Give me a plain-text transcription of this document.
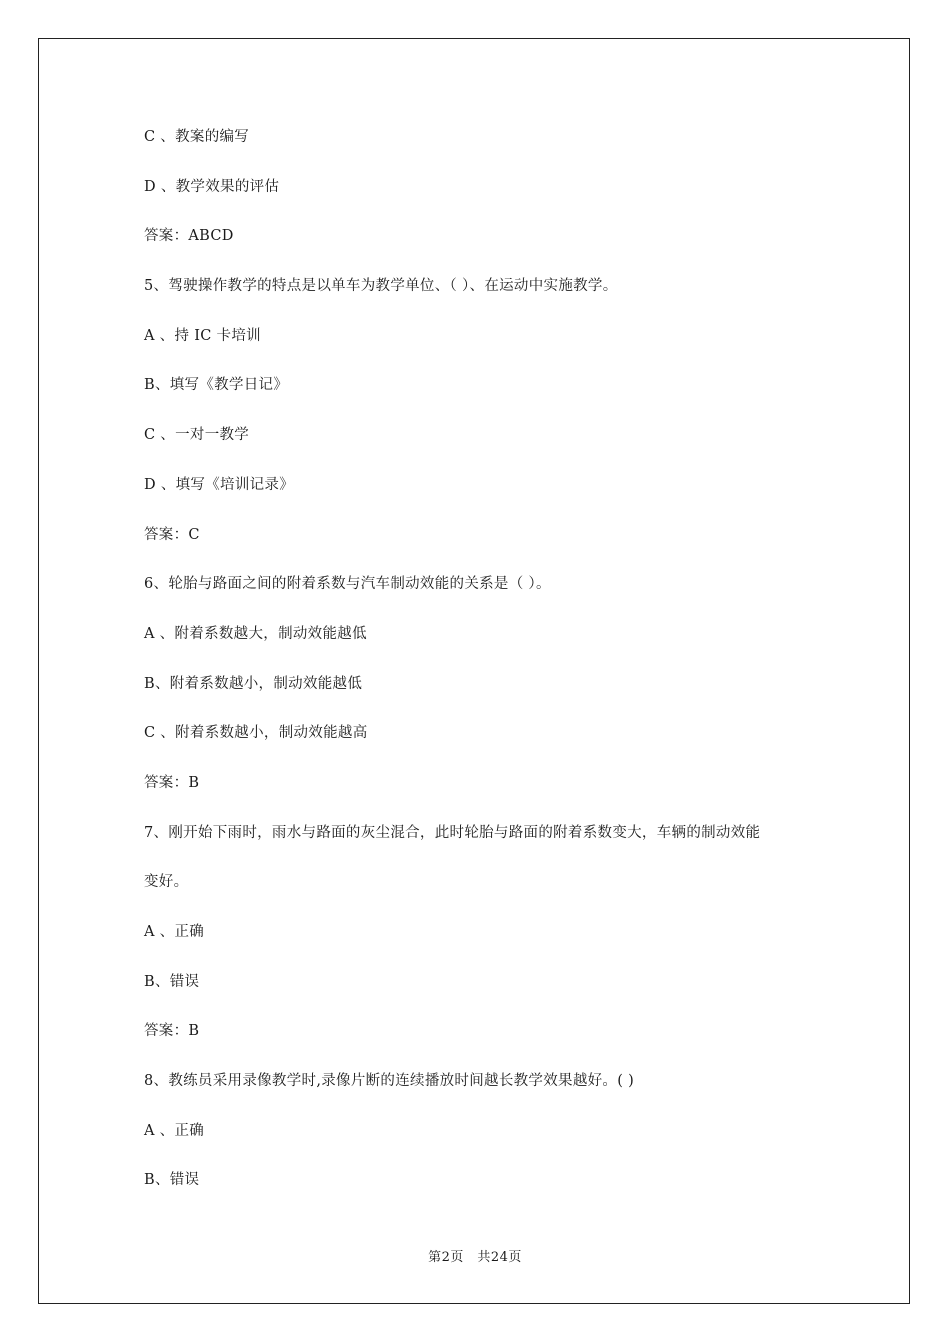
C 、教案的编写
D 、教学效果的评估
答案：ABCD
5、驾驶操作教学的特点是以单车为教学单位、（ ）、在运动中实施教学。
A 、持 IC 卡培训
B、填写《教学日记》
C 、一对一教学
D 、填写《培训记录》
答案：C
6、轮胎与路面之间的附着系数与汽车制动效能的关系是（ ）。
A 、附着系数越大，制动效能越低
B、附着系数越小，制动效能越低
C 、附着系数越小，制动效能越高
答案：B
7、刚开始下雨时，雨水与路面的灰尘混合，此时轮胎与路面的附着系数变大，车辆的制动效能
变好。
A 、正确
B、错误
答案：B
8、教练员采用录像教学时,录像片断的连续播放时间越长教学效果越好。( )
A 、正确
B、错误
第2页　共24页
